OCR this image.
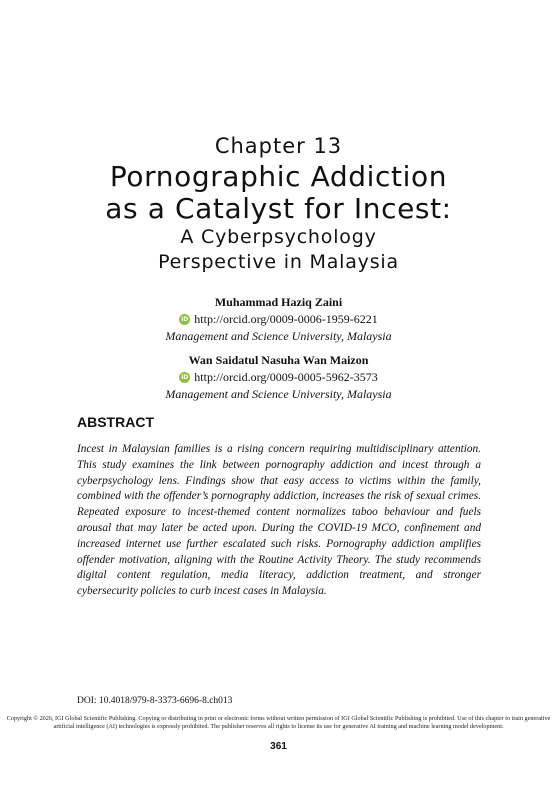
Chapter 13
Pornographic Addiction
as a Catalyst for Incest:
A Cyberpsychology
Perspective in Malaysia
Muhammad Haziq Zaini
iD http://orcid.org/0009-0006-1959-6221
Management and Science University, Malaysia
Wan Saidatul Nasuha Wan Maizon
iD http://orcid.org/0009-0005-5962-3573
Management and Science University, Malaysia
ABSTRACT
Incest in Malaysian families is a rising concern requiring multidisciplinary attention. This study examines the link between pornography addiction and incest through a cyberpsychology lens. Findings show that easy access to victims within the family, combined with the offender’s pornography addiction, increases the risk of sexual crimes. Repeated exposure to incest-themed content normalizes taboo behaviour and fuels arousal that may later be acted upon. During the COVID-19 MCO, confinement and increased internet use further escalated such risks. Pornography addiction amplifies offender motivation, aligning with the Routine Activity Theory. The study recommends digital content regulation, media literacy, addiction treatment, and stronger cybersecurity policies to curb incest cases in Malaysia.
DOI: 10.4018/979-8-3373-6696-8.ch013
Copyright © 2026, IGI Global Scientific Publishing. Copying or distributing in print or electronic forms without written permission of IGI Global Scientific Publishing is prohibited. Use of this chapter to train generative artificial intelligence (AI) technologies is expressly prohibited. The publisher reserves all rights to license its use for generative AI training and machine learning model development.
361
